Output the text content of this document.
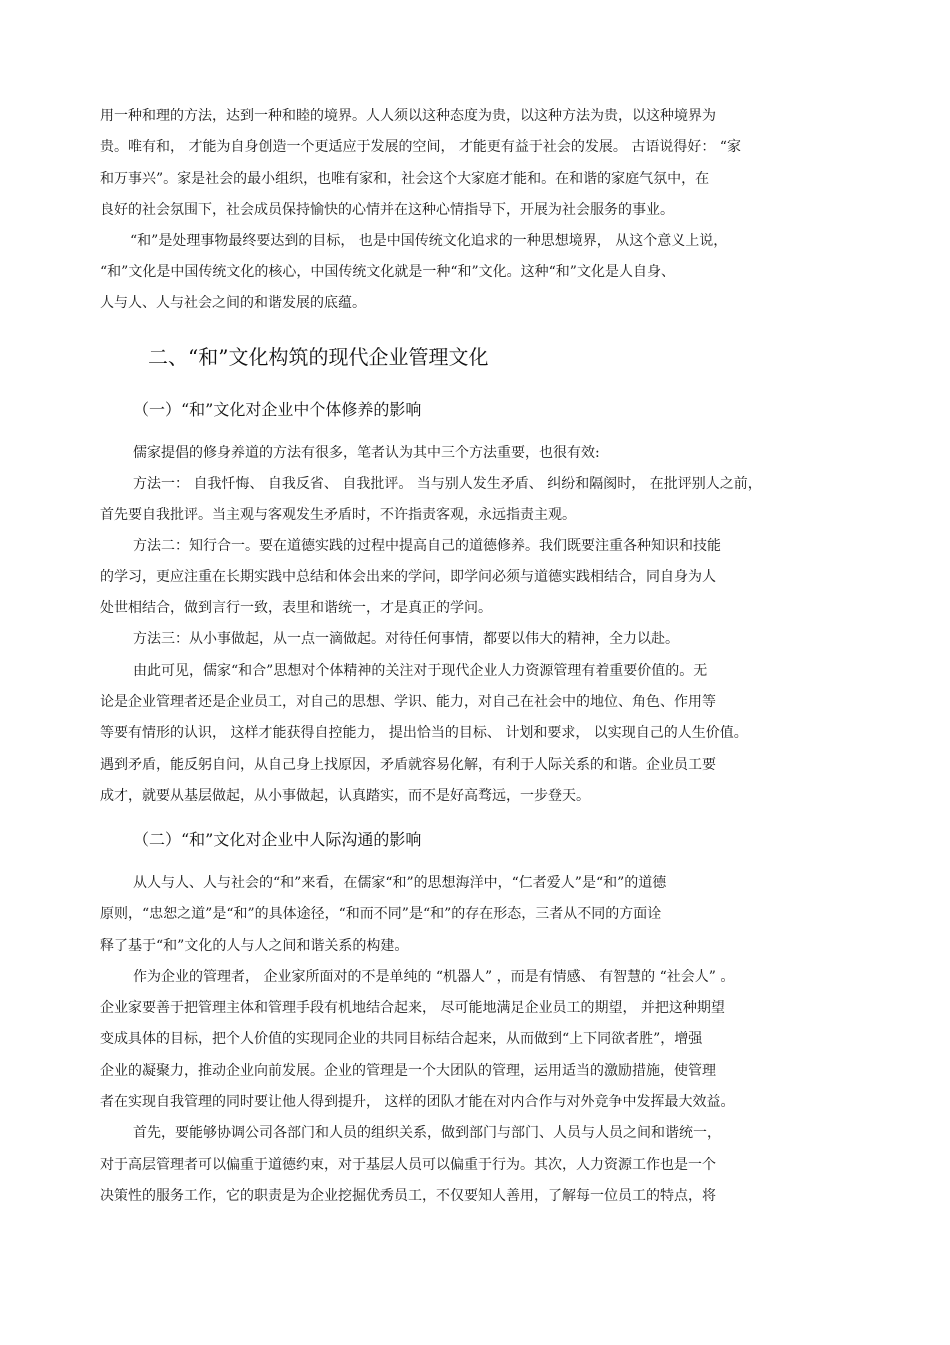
用一种和理的方法，达到一种和睦的境界。人人须以这种态度为贵，以这种方法为贵，以这种境界为
贵。唯有和， 才能为自身创造一个更适应于发展的空间， 才能更有益于社会的发展。 古语说得好： “家
和万事兴”。家是社会的最小组织，也唯有家和，社会这个大家庭才能和。在和谐的家庭气氛中，在
良好的社会氛围下，社会成员保持愉快的心情并在这种心情指导下，开展为社会服务的事业。
“和”是处理事物最终要达到的目标， 也是中国传统文化追求的一种思想境界， 从这个意义上说，
“和”文化是中国传统文化的核心，中国传统文化就是一种“和”文化。这种“和”文化是人自身、
人与人、人与社会之间的和谐发展的底蕴。
二、“和”文化构筑的现代企业管理文化
（一）“和”文化对企业中个体修养的影响
儒家提倡的修身养道的方法有很多，笔者认为其中三个方法重要，也很有效:
方法一： 自我忏悔、 自我反省、 自我批评。 当与别人发生矛盾、 纠纷和隔阂时， 在批评别人之前，
首先要自我批评。当主观与客观发生矛盾时，不许指责客观，永远指责主观。
方法二：知行合一。要在道德实践的过程中提高自己的道德修养。我们既要注重各种知识和技能
的学习，更应注重在长期实践中总结和体会出来的学问，即学问必须与道德实践相结合，同自身为人
处世相结合，做到言行一致，表里和谐统一，才是真正的学问。
方法三：从小事做起，从一点一滴做起。对待任何事情，都要以伟大的精神，全力以赴。
由此可见，儒家“和合”思想对个体精神的关注对于现代企业人力资源管理有着重要价值的。无
论是企业管理者还是企业员工，对自己的思想、学识、能力，对自己在社会中的地位、角色、作用等
等要有情形的认识， 这样才能获得自控能力， 提出恰当的目标、 计划和要求， 以实现自己的人生价值。
遇到矛盾，能反躬自问，从自己身上找原因，矛盾就容易化解，有利于人际关系的和谐。企业员工要
成才，就要从基层做起，从小事做起，认真踏实，而不是好高骛远，一步登天。
（二）“和”文化对企业中人际沟通的影响
从人与人、人与社会的“和”来看，在儒家“和”的思想海洋中，“仁者爱人”是“和”的道德
原则，“忠恕之道”是“和”的具体途径，“和而不同”是“和”的存在形态，三者从不同的方面诠
释了基于“和”文化的人与人之间和谐关系的构建。
作为企业的管理者， 企业家所面对的不是单纯的 “机器人” ，而是有情感、 有智慧的 “社会人” 。
企业家要善于把管理主体和管理手段有机地结合起来， 尽可能地满足企业员工的期望， 并把这种期望
变成具体的目标，把个人价值的实现同企业的共同目标结合起来，从而做到“上下同欲者胜”，增强
企业的凝聚力，推动企业向前发展。企业的管理是一个大团队的管理，运用适当的激励措施，使管理
者在实现自我管理的同时要让他人得到提升， 这样的团队才能在对内合作与对外竞争中发挥最大效益。
首先，要能够协调公司各部门和人员的组织关系，做到部门与部门、人员与人员之间和谐统一，
对于高层管理者可以偏重于道德约束，对于基层人员可以偏重于行为。其次，人力资源工作也是一个
决策性的服务工作，它的职责是为企业挖掘优秀员工，不仅要知人善用，了解每一位员工的特点，将
